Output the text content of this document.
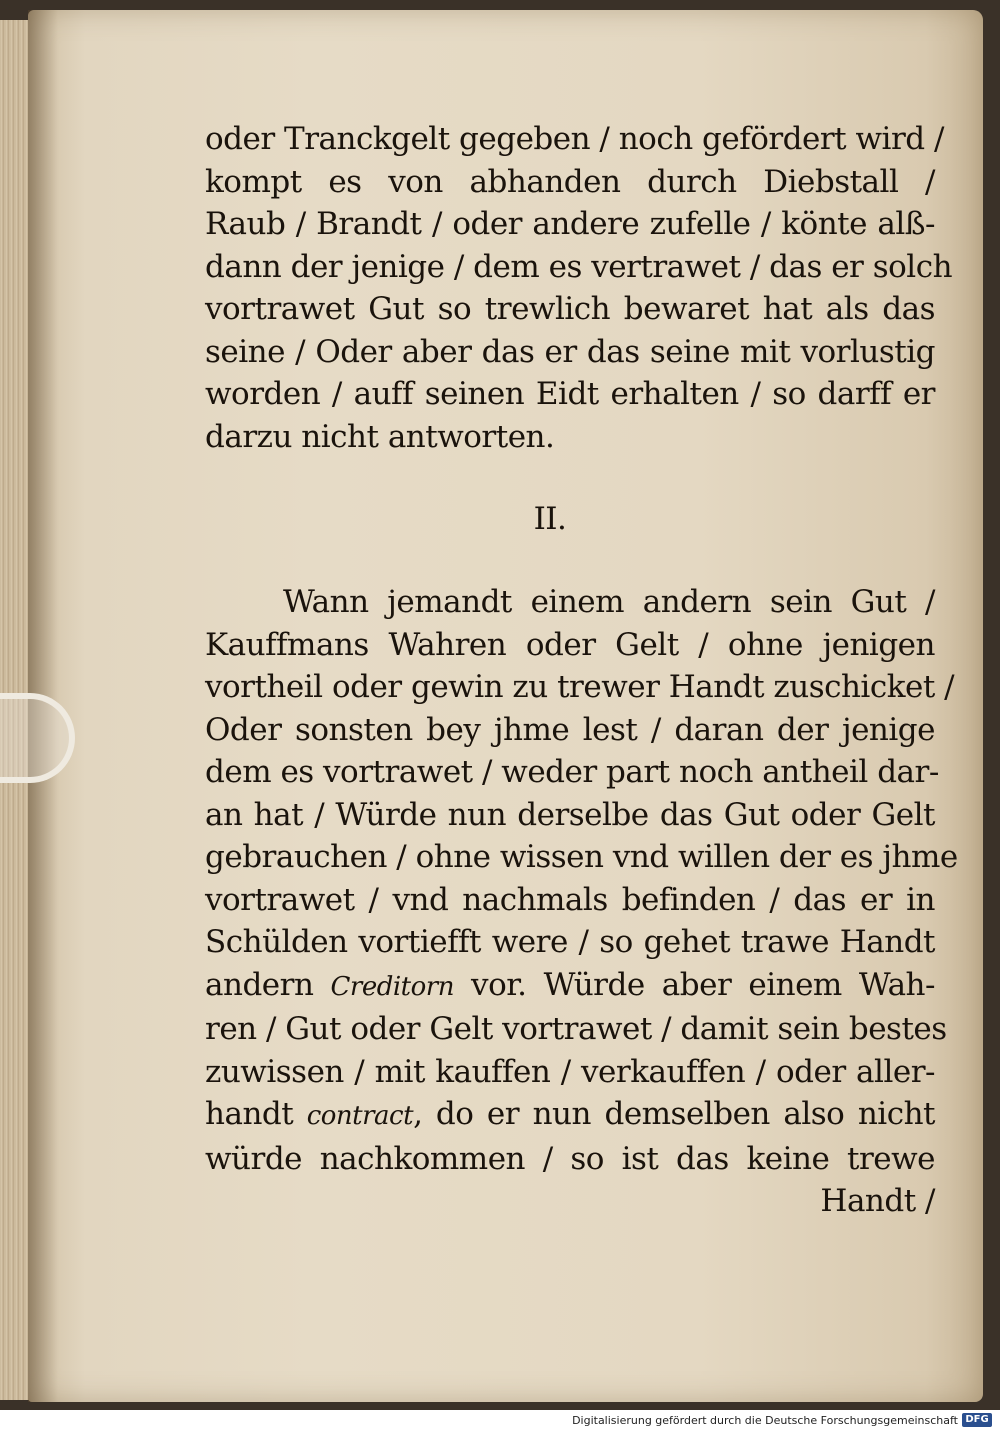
oder Tranckgelt gegeben / noch gefördert wird /
kompt es von abhanden durch Diebstall /
Raub / Brandt / oder andere zufelle / könte alß-
dann der jenige / dem es vertrawet / das er solch
vortrawet Gut so trewlich bewaret hat als das
seine / Oder aber das er das seine mit vorlustig
worden / auff seinen Eidt erhalten / so darff er
darzu nicht antworten.
II.
Wann jemandt einem andern sein Gut /
Kauffmans Wahren oder Gelt / ohne jenigen
vortheil oder gewin zu trewer Handt zuschicket /
Oder sonsten bey jhme lest / daran der jenige
dem es vortrawet / weder part noch antheil dar-
an hat / Würde nun derselbe das Gut oder Gelt
gebrauchen / ohne wissen vnd willen der es jhme
vortrawet / vnd nachmals befinden / das er in
Schülden vortiefft were / so gehet trawe Handt
andern Creditorn vor. Würde aber einem Wah-
ren / Gut oder Gelt vortrawet / damit sein bestes
zuwissen / mit kauffen / verkauffen / oder aller-
handt contract, do er nun demselben also nicht
würde nachkommen / so ist das keine trewe
Handt /
Digitalisierung gefördert durch die Deutsche Forschungsgemeinschaft DFG
